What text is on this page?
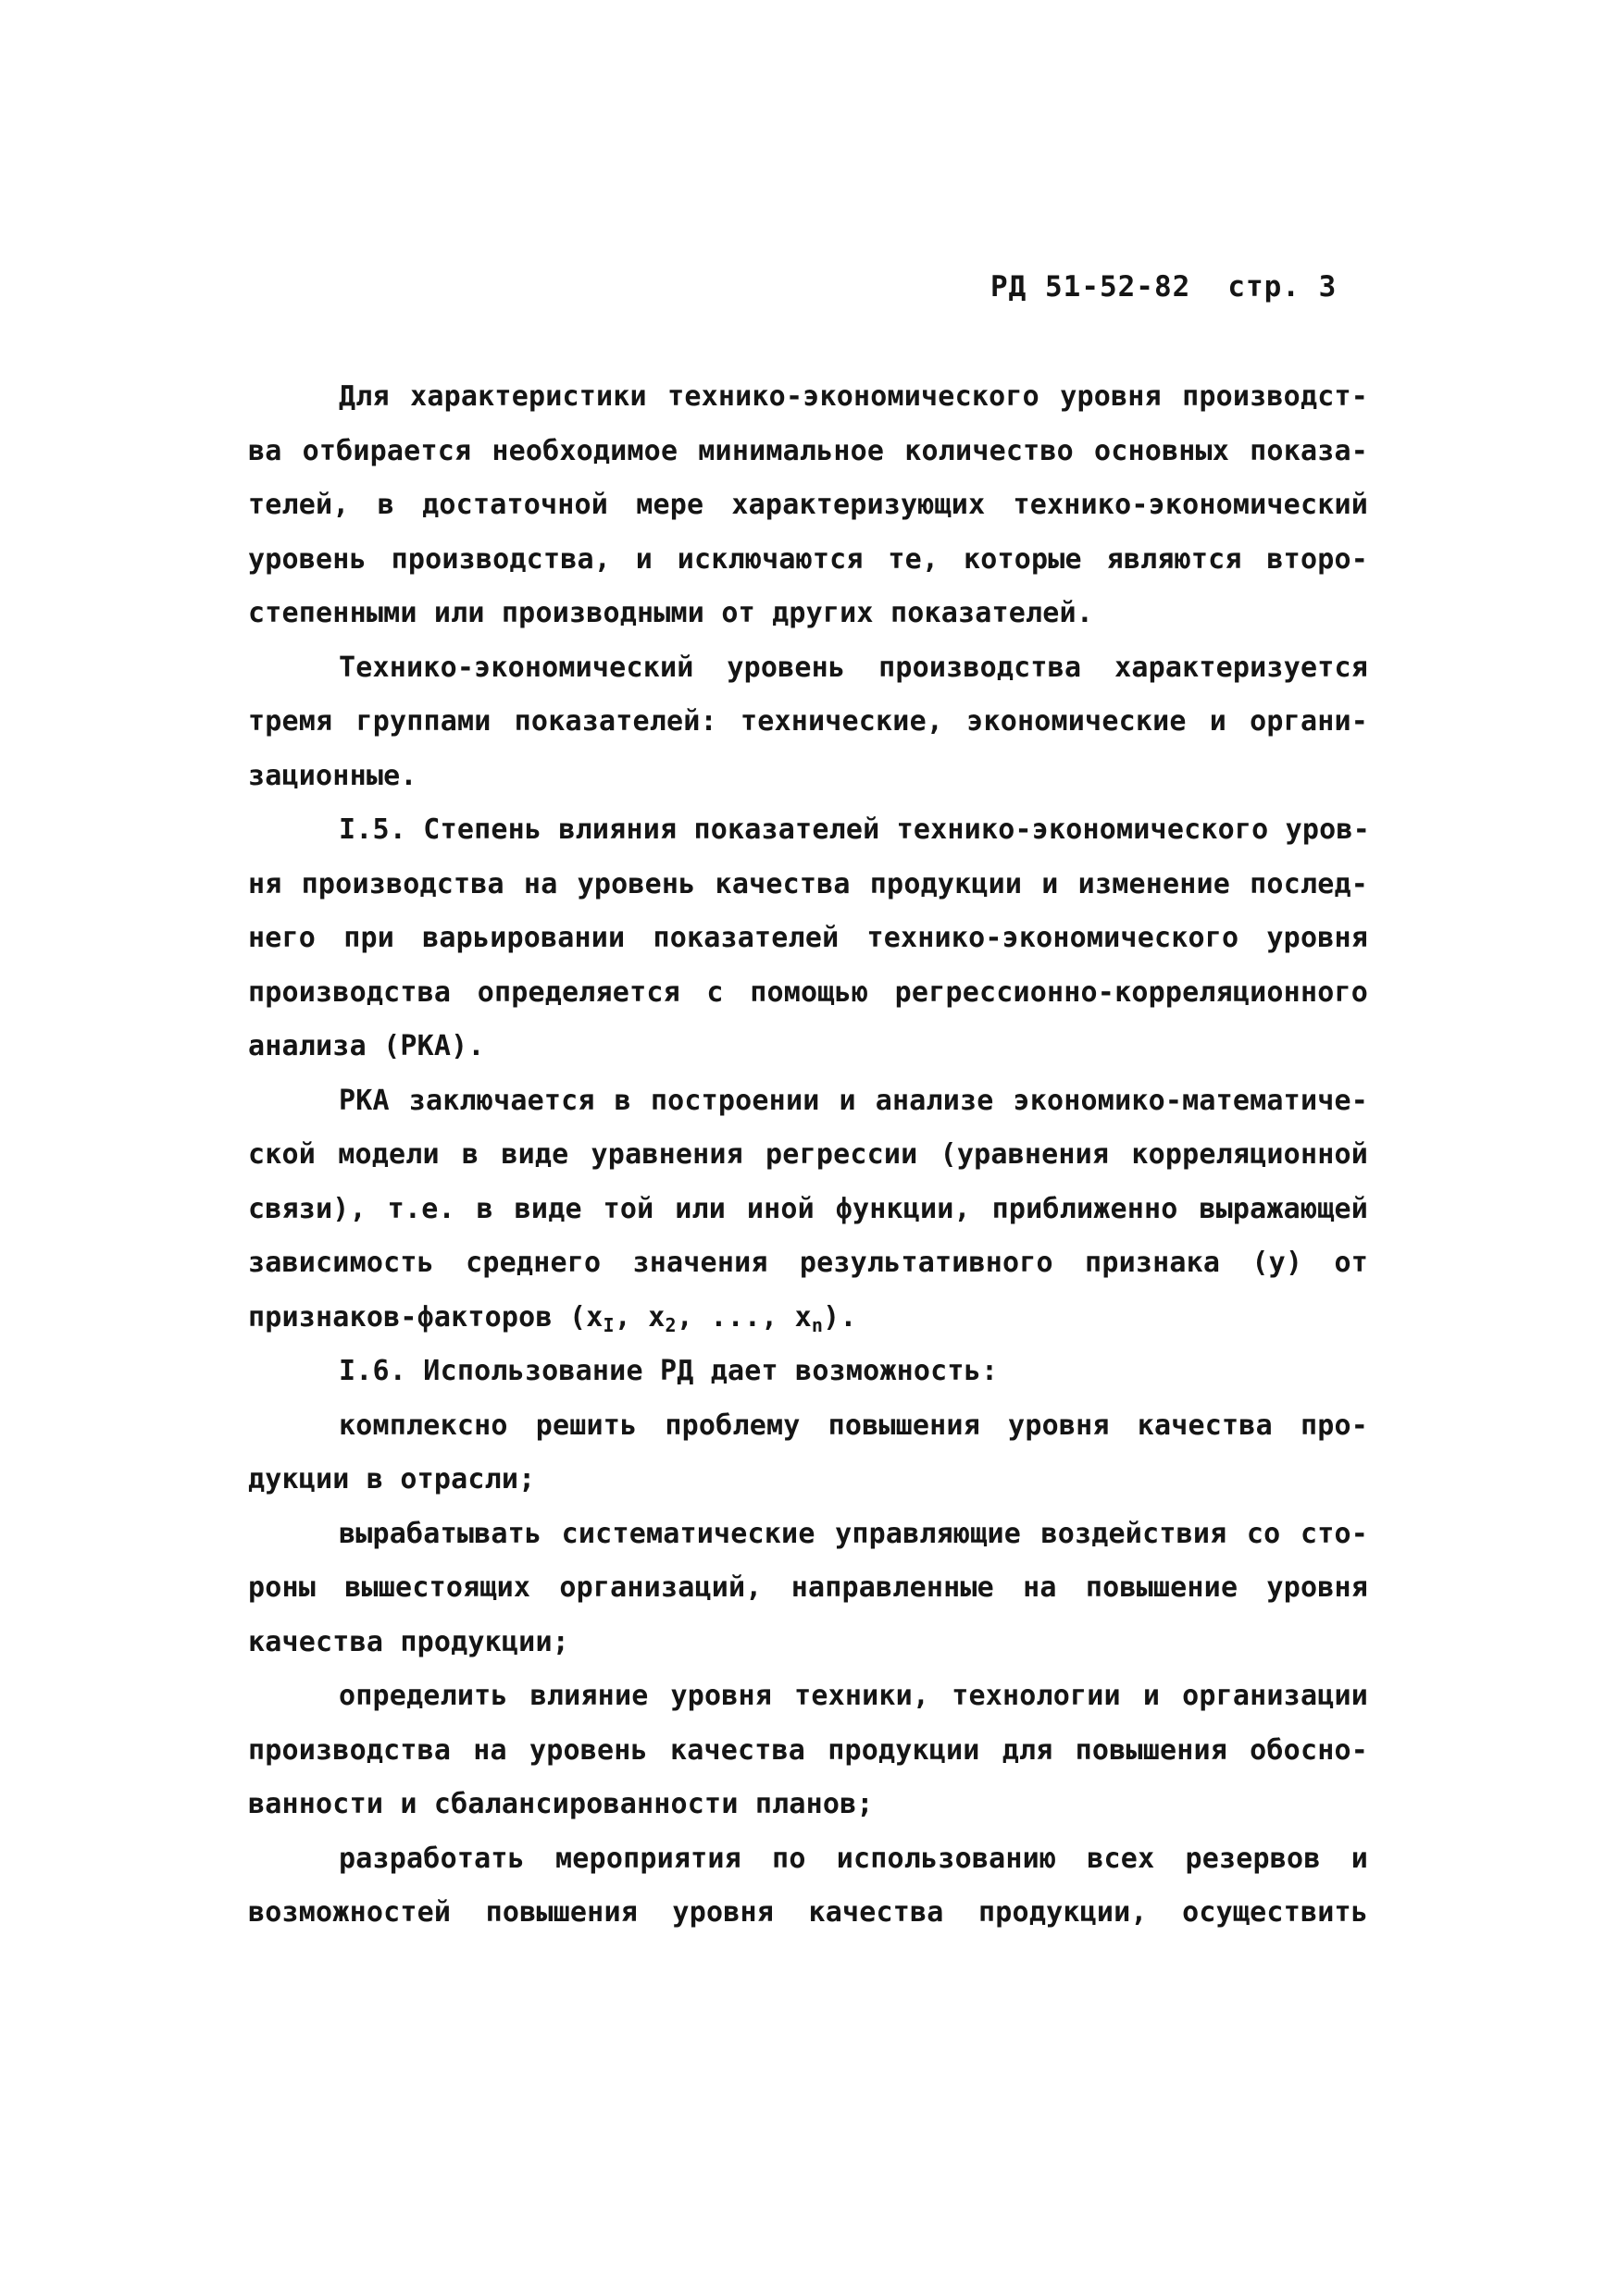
РД 51-52-82 стр. 3
Для характеристики технико-экономического уровня производст-
ва отбирается необходимое минимальное количество основных показа-
телей, в достаточной мере характеризующих технико-экономический
уровень производства, и исключаются те, которые являются второ-
степенными или производными от других показателей.
Технико-экономический уровень производства характеризуется
тремя группами показателей: технические, экономические и органи-
зационные.
I.5. Степень влияния показателей технико-экономического уров-
ня производства на уровень качества продукции и изменение послед-
него при варьировании показателей технико-экономического уровня
производства определяется с помощью регрессионно-корреляционного
анализа (РКА).
РКА заключается в построении и анализе экономико-математиче-
ской модели в виде уравнения регрессии (уравнения корреляционной
связи), т.е. в виде той или иной функции, приближенно выражающей
зависимость среднего значения результативного признака (y) от
признаков-факторов ($x_I$, $x_2$, ..., $x_n$).
I.6. Использование РД дает возможность:
комплексно решить проблему повышения уровня качества про-
дукции в отрасли;
вырабатывать систематические управляющие воздействия со сто-
роны вышестоящих организаций, направленные на повышение уровня
качества продукции;
определить влияние уровня техники, технологии и организации
производства на уровень качества продукции для повышения обосно-
ванности и сбалансированности планов;
разработать мероприятия по использованию всех резервов и
возможностей повышения уровня качества продукции, осуществить
